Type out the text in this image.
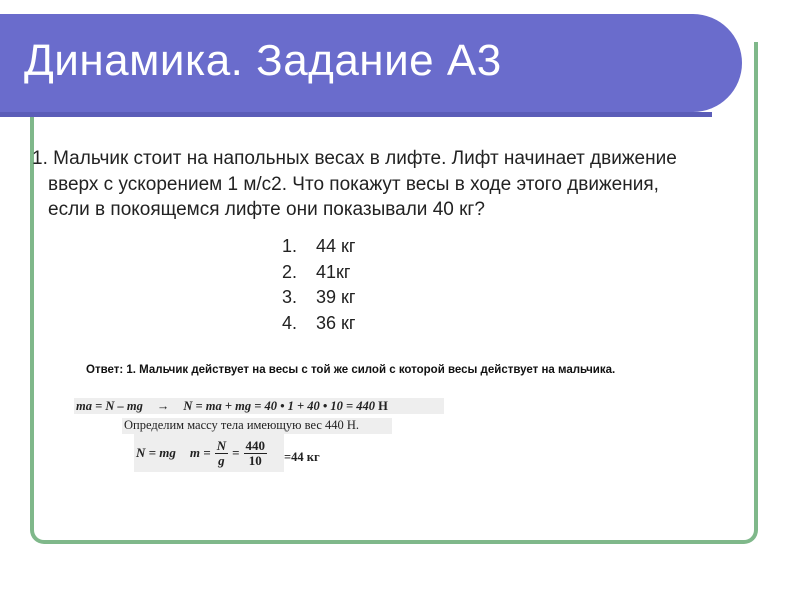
Динамика. Задание А3

1. Мальчик стоит на напольных весах в лифте. Лифт начинает движение
вверх с ускорением 1 м/с2. Что покажут весы в ходе этого движения,
если в покоящемся лифте они показывали 40 кг?

1. 44 кг
2. 41кг
3. 39 кг
4. 36 кг

Ответ: 1. Мальчик действует на весы с той же силой с которой весы действует на мальчика.

ma = N – mg → N = ma + mg = 40 • 1 + 40 • 10 = 440 Н

Определим массу тела имеющую вес 440 Н.

N = mg $m = \frac{N}{g} = \frac{440}{10} =44$ кг
